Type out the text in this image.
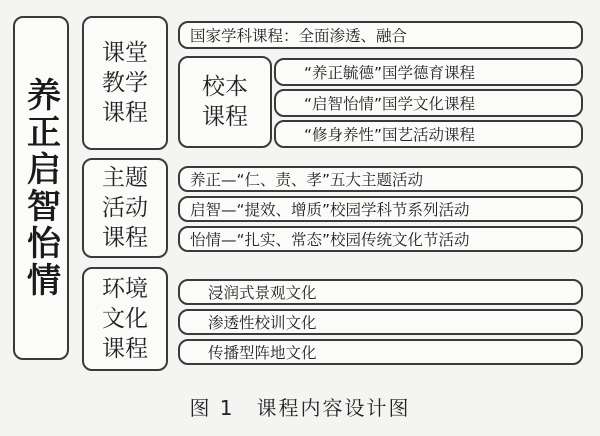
养正启智怡情
课堂
教学
课程
国家学科课程：全面渗透、融合
校本
课程
“养正毓德”国学德育课程
“启智怡情”国学文化课程
“修身养性”国艺活动课程
主题
活动
课程
养正—“仁、责、孝”五大主题活动
启智—“提效、增质”校园学科节系列活动
怡情—“扎实、常态”校园传统文化节活动
环境
文化
课程
浸润式景观文化
渗透性校训文化
传播型阵地文化
图 1　课程内容设计图
